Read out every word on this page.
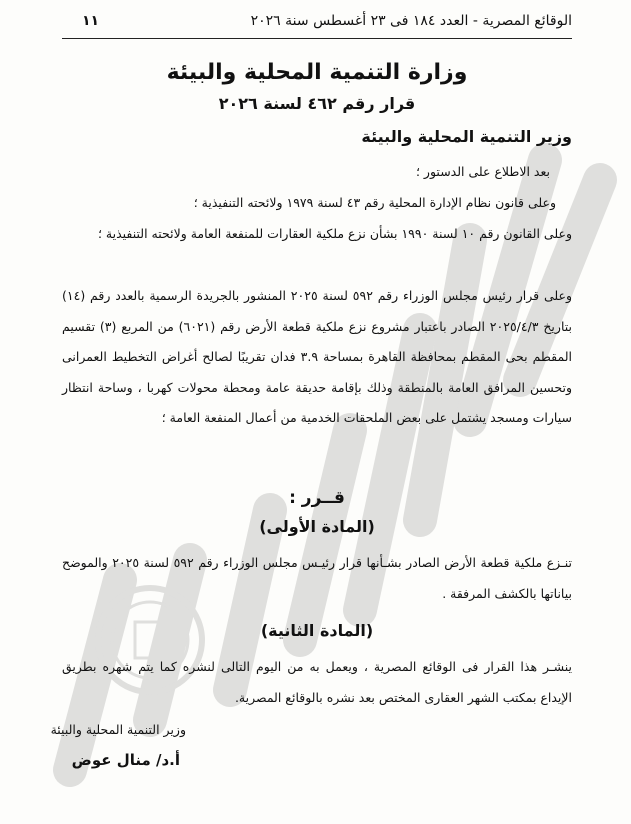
الوقائع المصرية - العدد ١٨٤ فى ٢٣ أغسطس سنة ٢٠٢٦
١١
وزارة التنمية المحلية والبيئة
قرار رقم ٤٦٢ لسنة ٢٠٢٦
وزير التنمية المحلية والبيئة
بعد الاطلاع على الدستور ؛
وعلى قانون نظام الإدارة المحلية رقم ٤٣ لسنة ١٩٧٩ ولائحته التنفيذية ؛
وعلى القانون رقم ١٠ لسنة ١٩٩٠ بشأن نزع ملكية العقارات للمنفعة العامة ولائحته التنفيذية ؛
وعلى قرار رئيس مجلس الوزراء رقم ٥٩٢ لسنة ٢٠٢٥ المنشور بالجريدة الرسمية بالعدد رقم (١٤) بتاريخ ٢٠٢٥/٤/٣ الصادر باعتبار مشروع نزع ملكية قطعة الأرض رقم (٦٠٢١) من المربع (٣) تقسيم المقطم بحى المقطم بمحافظة القاهرة بمساحة ٣.٩ فدان تقريبًا لصالح أغراض التخطيط العمرانى وتحسين المرافق العامة بالمنطقة وذلك بإقامة حديقة عامة ومحطة محولات كهربا ، وساحة انتظار سيارات ومسجد يشتمل على بعض الملحقات الخدمية من أعمال المنفعة العامة ؛
قــرر :
(المادة الأولى)
تنـزع ملكية قطعة الأرض الصادر بشـأنها قرار رئيـس مجلس الوزراء رقم ٥٩٢ لسنة ٢٠٢٥ والموضح بياناتها بالكشف المرفقة .
(المادة الثانية)
ينشـر هذا القرار فى الوقائع المصرية ، ويعمل به من اليوم التالى لنشره كما يتم شهره بطريق الإيداع بمكتب الشهر العقارى المختص بعد نشره بالوقائع المصرية.
وزير التنمية المحلية والبيئة
أ.د/ منال عوض
